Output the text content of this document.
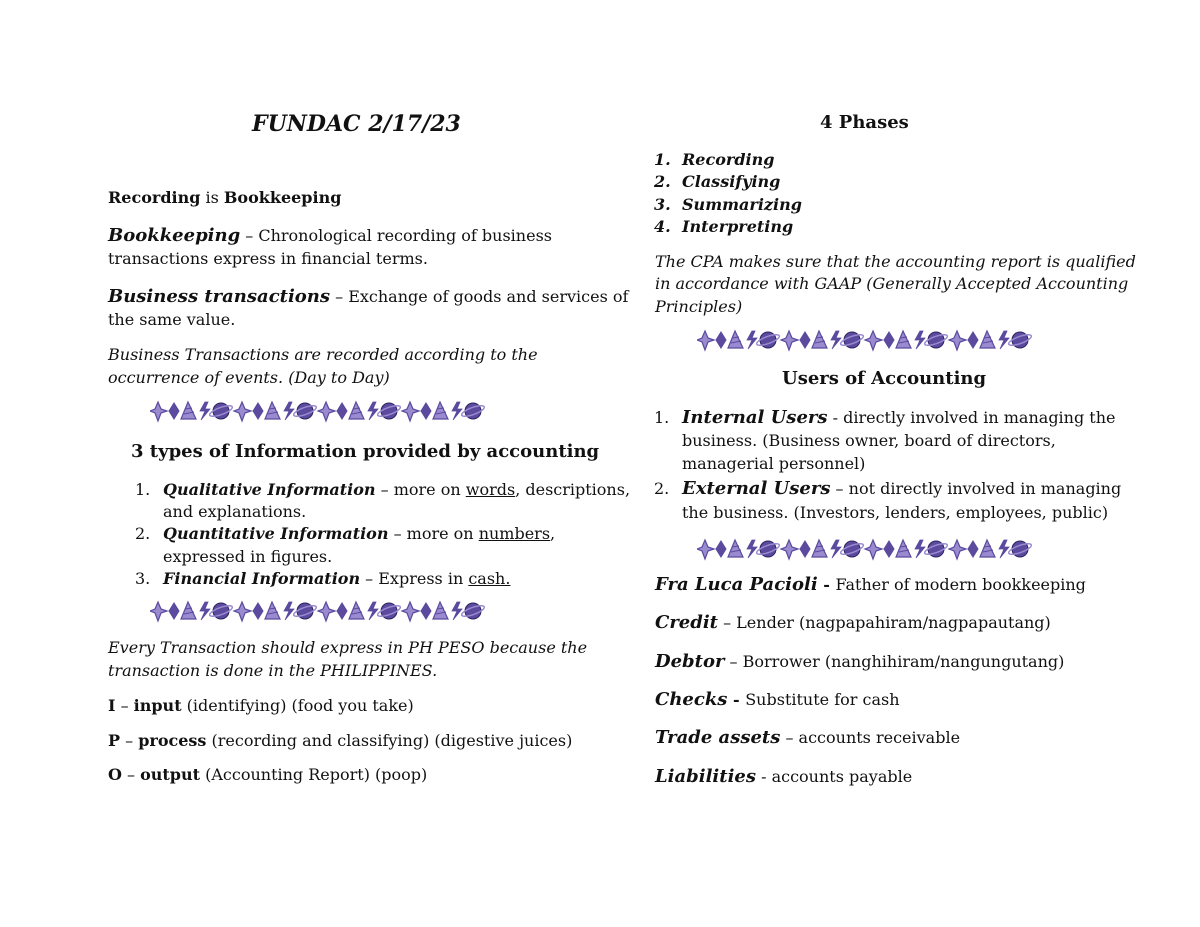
FUNDAC 2/17/23

Recording is Bookkeeping

Bookkeeping – Chronological recording of business

transactions express in financial terms.

Business transactions – Exchange of goods and services of

the same value.

Business Transactions are recorded according to the

occurrence of events. (Day to Day)

3 types of Information provided by accounting

1. Qualitative Information – more on words, descriptions,
and explanations.
2. Quantitative Information – more on numbers,
expressed in figures.
3. Financial Information – Express in cash.

Every Transaction should express in PH PESO because the

transaction is done in the PHILIPPINES.

I – input (identifying) (food you take)

P – process (recording and classifying) (digestive juices)

O – output (Accounting Report) (poop)

4 Phases
1. Recording
2. Classifying
3. Summarizing
4. Interpreting

The CPA makes sure that the accounting report is qualified

in accordance with GAAP (Generally Accepted Accounting

Principles)

Users of Accounting

1. Internal Users - directly involved in managing the
business. (Business owner, board of directors,
managerial personnel)
2. External Users – not directly involved in managing
the business. (Investors, lenders, employees, public)

Fra Luca Pacioli - Father of modern bookkeeping

Credit – Lender (nagpapahiram/nagpapautang)

Debtor – Borrower (nanghihiram/nangungutang)

Checks - Substitute for cash

Trade assets – accounts receivable

Liabilities - accounts payable
